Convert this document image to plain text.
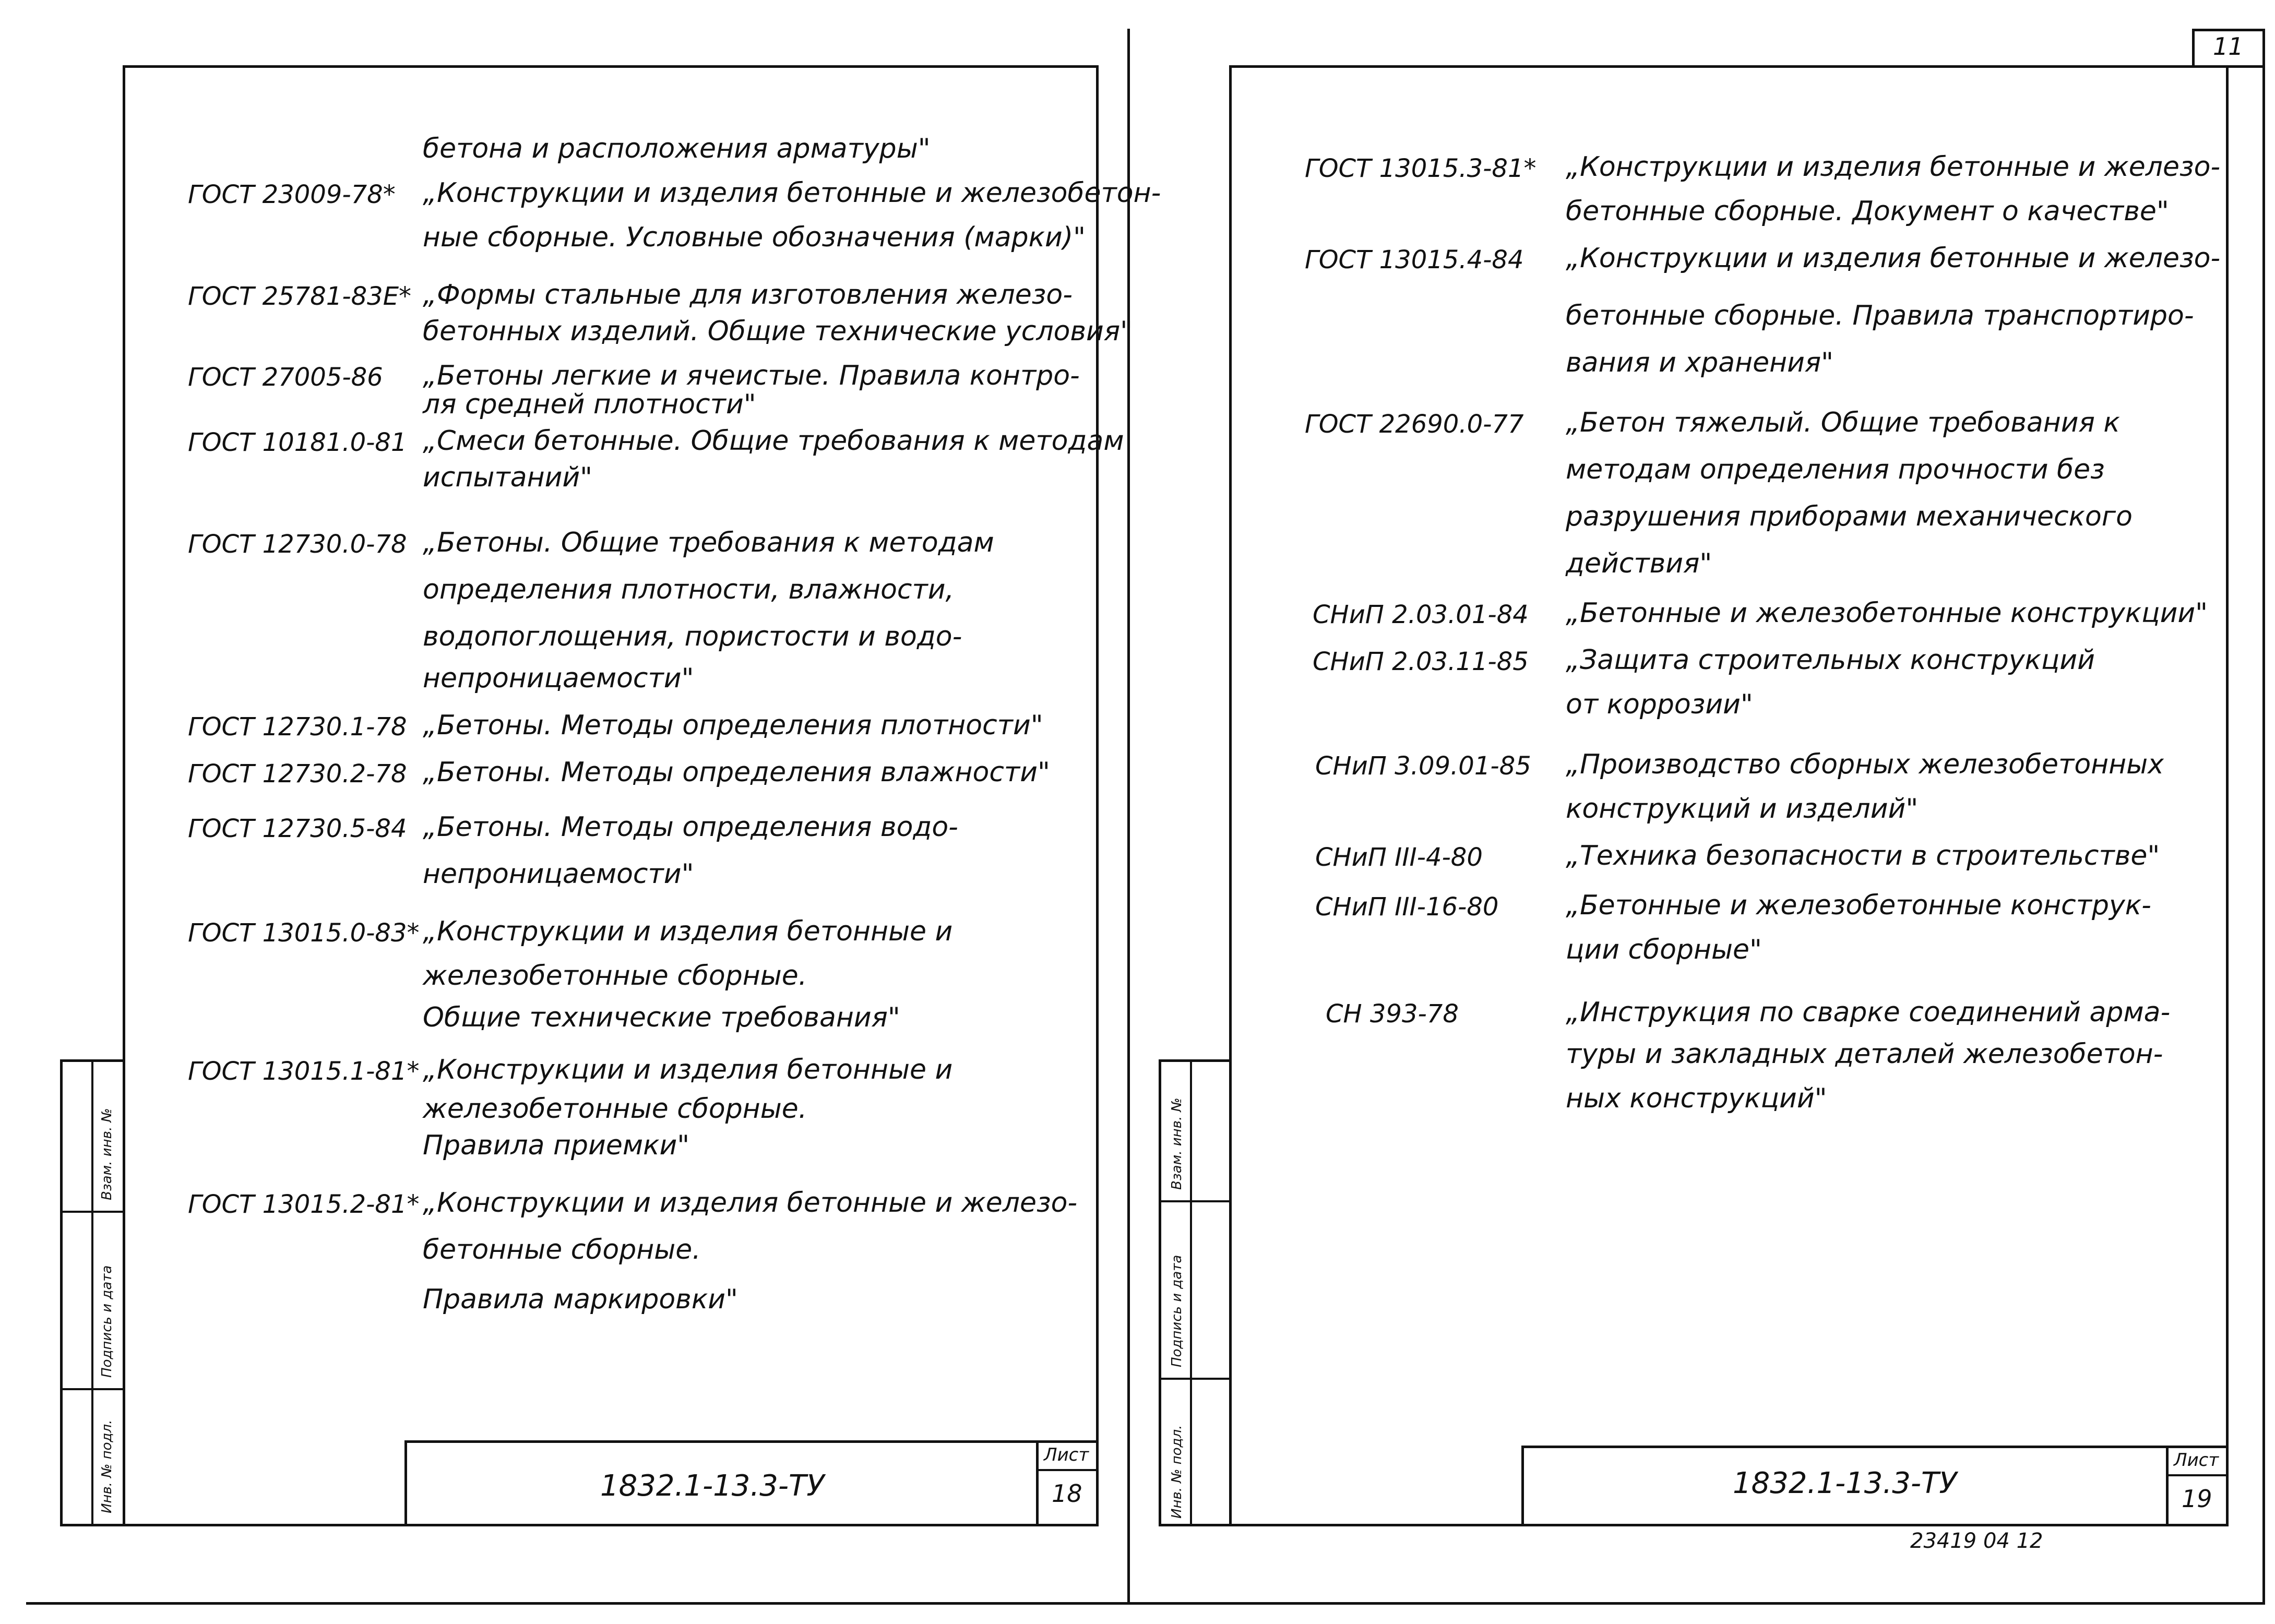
Инв. № подл.
Подпись и дата
Взам. инв. №
бетона и расположения арматуры"
ГОСТ 23009-78* „Конструкции и изделия бетонные и железобетон-
ные сборные. Условные обозначения (марки)"
ГОСТ 25781-83Е* „Формы стальные для изготовления железо-
бетонных изделий. Общие технические условия"
ГОСТ 27005-86 „Бетоны легкие и ячеистые. Правила контро-
ля средней плотности"
ГОСТ 10181.0-81 „Смеси бетонные. Общие требования к методам
испытаний"
ГОСТ 12730.0-78 „Бетоны. Общие требования к методам
определения плотности, влажности,
водопоглощения, пористости и водо-
непроницаемости"
ГОСТ 12730.1-78 „Бетоны. Методы определения плотности"
ГОСТ 12730.2-78 „Бетоны. Методы определения влажности"
ГОСТ 12730.5-84 „Бетоны. Методы определения водо-
непроницаемости"
ГОСТ 13015.0-83* „Конструкции и изделия бетонные и
железобетонные сборные.
Общие технические требования"
ГОСТ 13015.1-81* „Конструкции и изделия бетонные и
железобетонные сборные.
Правила приемки"
ГОСТ 13015.2-81* „Конструкции и изделия бетонные и железо-
бетонные сборные.
Правила маркировки"
1832.1-13.3-ТУ
Лист
18
11
Инв. № подл.
Подпись и дата
Взам. инв. №
ГОСТ 13015.3-81* „Конструкции и изделия бетонные и железо-
бетонные сборные. Документ о качестве"
ГОСТ 13015.4-84 „Конструкции и изделия бетонные и железо-
бетонные сборные. Правила транспортиро-
вания и хранения"
ГОСТ 22690.0-77 „Бетон тяжелый. Общие требования к
методам определения прочности без
разрушения приборами механического
действия"
СНиП 2.03.01-84 „Бетонные и железобетонные конструкции"
СНиП 2.03.11-85 „Защита строительных конструкций
от коррозии"
СНиП 3.09.01-85 „Производство сборных железобетонных
конструкций и изделий"
СНиП III-4-80	„Техника безопасности в строительстве"
СНиП III-16-80 „Бетонные и железобетонные конструк-
ции сборные"
СН 393-78	„Инструкция по сварке соединений арма-
туры и закладных деталей железобетон-
ных конструкций"
1832.1-13.3-ТУ
Лист
19
23419 04 12
